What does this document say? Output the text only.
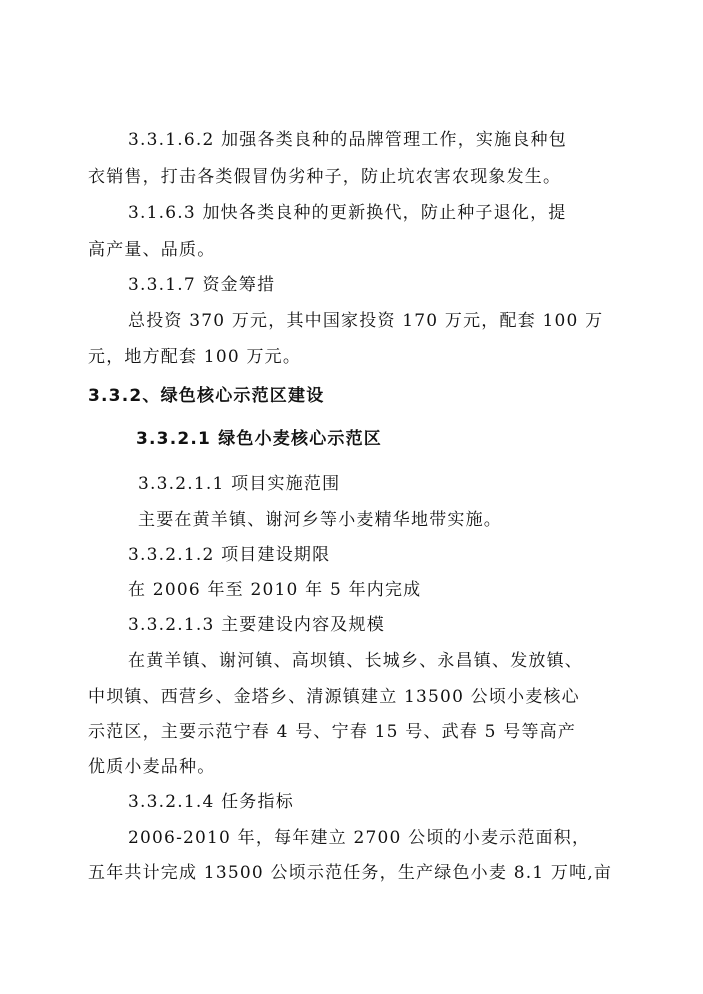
3.3.1.6.2 加强各类良种的品牌管理工作，实施良种包
衣销售，打击各类假冒伪劣种子，防止坑农害农现象发生。
3.1.6.3 加快各类良种的更新换代，防止种子退化，提
高产量、品质。
3.3.1.7 资金筹措
总投资 370 万元，其中国家投资 170 万元，配套 100 万
元，地方配套 100 万元。
3.3.2、绿色核心示范区建设
3.3.2.1 绿色小麦核心示范区
3.3.2.1.1 项目实施范围
主要在黄羊镇、谢河乡等小麦精华地带实施。
3.3.2.1.2 项目建设期限
在 2006 年至 2010 年 5 年内完成
3.3.2.1.3 主要建设内容及规模
在黄羊镇、谢河镇、高坝镇、长城乡、永昌镇、发放镇、
中坝镇、西营乡、金塔乡、清源镇建立 13500 公顷小麦核心
示范区，主要示范宁春 4 号、宁春 15 号、武春 5 号等高产
优质小麦品种。
3.3.2.1.4 任务指标
2006-2010 年，每年建立 2700 公顷的小麦示范面积，
五年共计完成 13500 公顷示范任务，生产绿色小麦 8.1 万吨,亩
